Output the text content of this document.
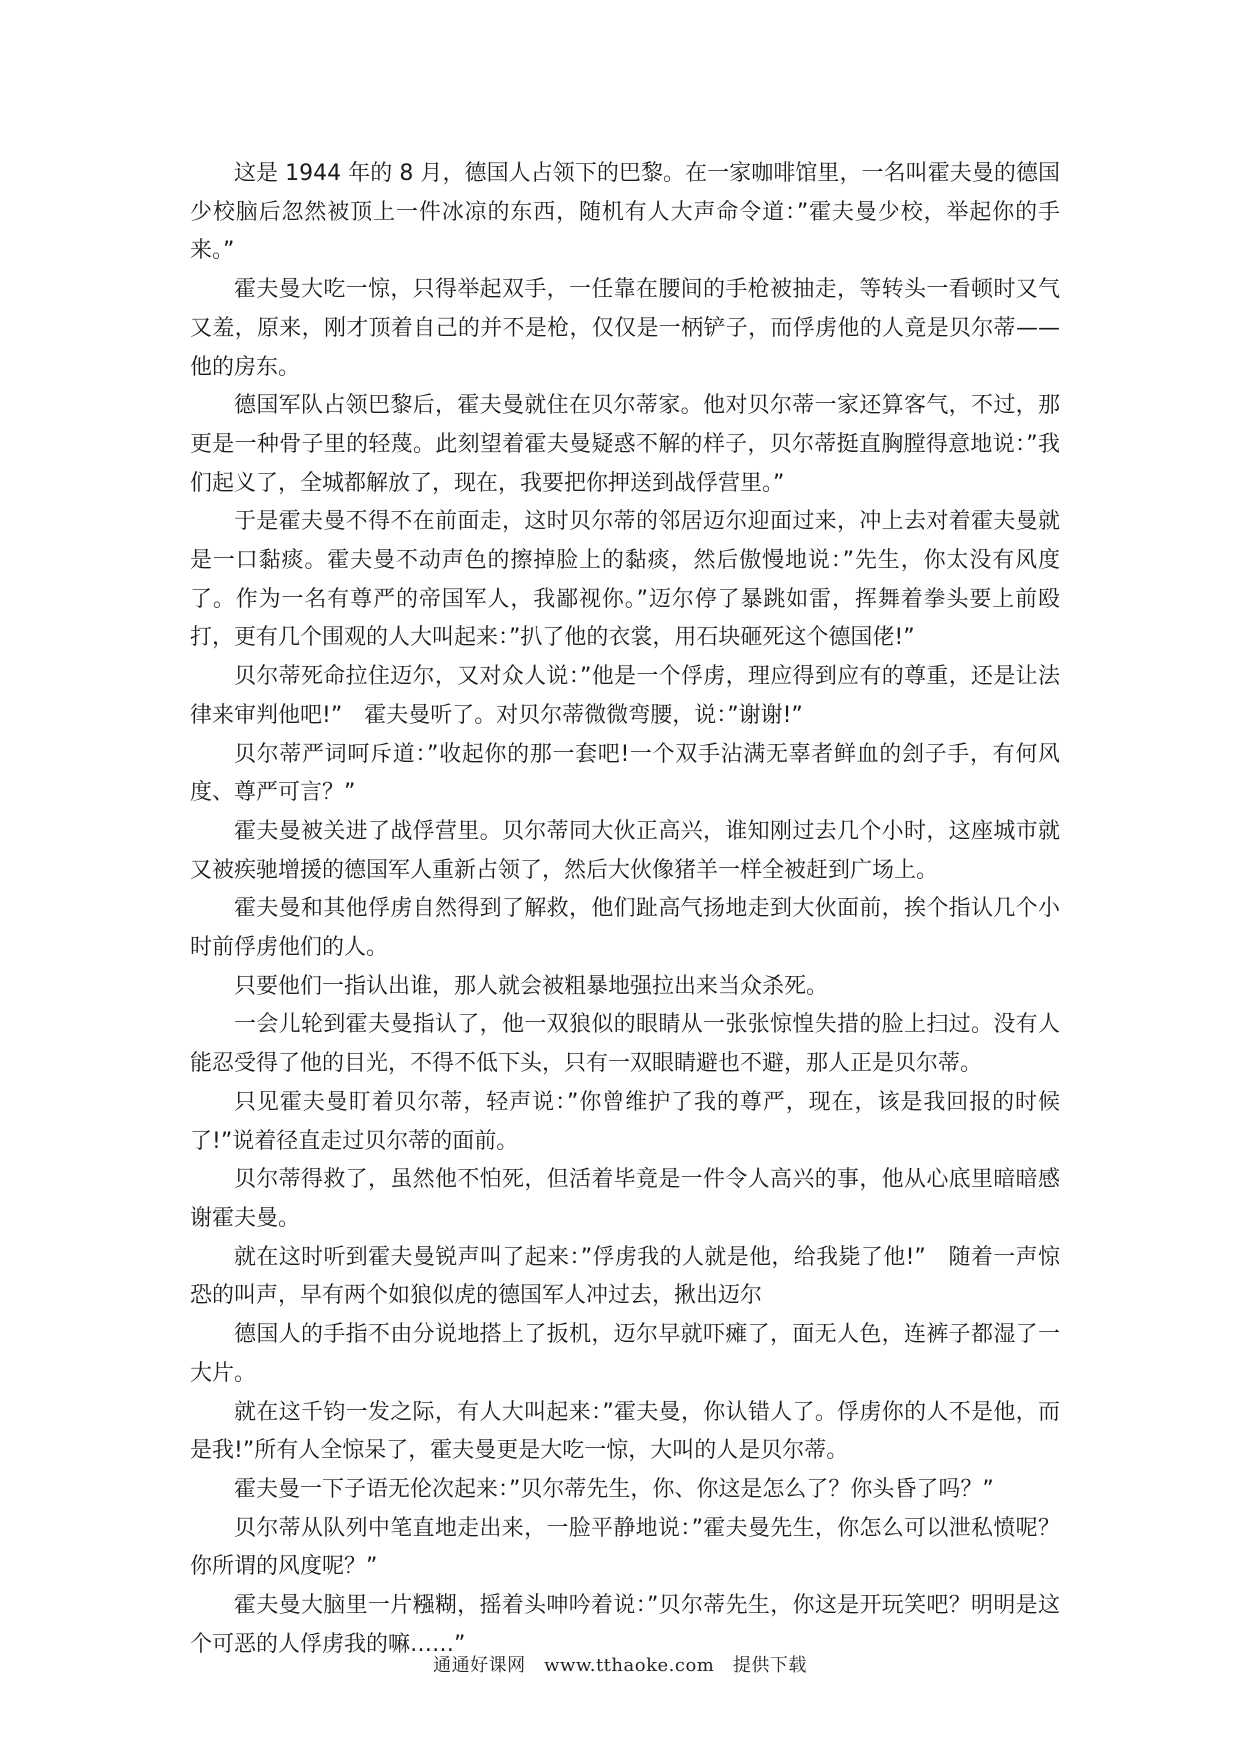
这是 1944 年的 8 月，德国人占领下的巴黎。在一家咖啡馆里，一名叫霍夫曼的德国少校脑后忽然被顶上一件冰凉的东西，随机有人大声命令道：”霍夫曼少校，举起你的手来。”

霍夫曼大吃一惊，只得举起双手，一任靠在腰间的手枪被抽走，等转头一看顿时又气又羞，原来，刚才顶着自己的并不是枪，仅仅是一柄铲子，而俘虏他的人竟是贝尔蒂——他的房东。

德国军队占领巴黎后，霍夫曼就住在贝尔蒂家。他对贝尔蒂一家还算客气，不过，那更是一种骨子里的轻蔑。此刻望着霍夫曼疑惑不解的样子，贝尔蒂挺直胸膛得意地说：”我们起义了，全城都解放了，现在，我要把你押送到战俘营里。”

于是霍夫曼不得不在前面走，这时贝尔蒂的邻居迈尔迎面过来，冲上去对着霍夫曼就是一口黏痰。霍夫曼不动声色的擦掉脸上的黏痰，然后傲慢地说：”先生，你太没有风度了。作为一名有尊严的帝国军人，我鄙视你。”迈尔停了暴跳如雷，挥舞着拳头要上前殴打，更有几个围观的人大叫起来：”扒了他的衣裳，用石块砸死这个德国佬!”

贝尔蒂死命拉住迈尔，又对众人说：”他是一个俘虏，理应得到应有的尊重，还是让法律来审判他吧!”　霍夫曼听了。对贝尔蒂微微弯腰，说：”谢谢!”

贝尔蒂严词呵斥道：”收起你的那一套吧!一个双手沾满无辜者鲜血的刽子手，有何风度、尊严可言？”

霍夫曼被关进了战俘营里。贝尔蒂同大伙正高兴，谁知刚过去几个小时，这座城市就又被疾驰增援的德国军人重新占领了，然后大伙像猪羊一样全被赶到广场上。

霍夫曼和其他俘虏自然得到了解救，他们趾高气扬地走到大伙面前，挨个指认几个小时前俘虏他们的人。

只要他们一指认出谁，那人就会被粗暴地强拉出来当众杀死。

一会儿轮到霍夫曼指认了，他一双狼似的眼睛从一张张惊惶失措的脸上扫过。没有人能忍受得了他的目光，不得不低下头，只有一双眼睛避也不避，那人正是贝尔蒂。

只见霍夫曼盯着贝尔蒂，轻声说：”你曾维护了我的尊严，现在，该是我回报的时候了!”说着径直走过贝尔蒂的面前。

贝尔蒂得救了，虽然他不怕死，但活着毕竟是一件令人高兴的事，他从心底里暗暗感谢霍夫曼。

就在这时听到霍夫曼锐声叫了起来：”俘虏我的人就是他，给我毙了他!”　随着一声惊恐的叫声，早有两个如狼似虎的德国军人冲过去，揪出迈尔

德国人的手指不由分说地搭上了扳机，迈尔早就吓瘫了，面无人色，连裤子都湿了一大片。

就在这千钧一发之际，有人大叫起来：”霍夫曼，你认错人了。俘虏你的人不是他，而是我!”所有人全惊呆了，霍夫曼更是大吃一惊，大叫的人是贝尔蒂。

霍夫曼一下子语无伦次起来：”贝尔蒂先生，你、你这是怎么了？你头昏了吗？”

贝尔蒂从队列中笔直地走出来，一脸平静地说：”霍夫曼先生，你怎么可以泄私愤呢？你所谓的风度呢？”

霍夫曼大脑里一片糨糊，摇着头呻吟着说：”贝尔蒂先生，你这是开玩笑吧？明明是这个可恶的人俘虏我的嘛……”

通通好课网　www.tthaoke.com　提供下载
